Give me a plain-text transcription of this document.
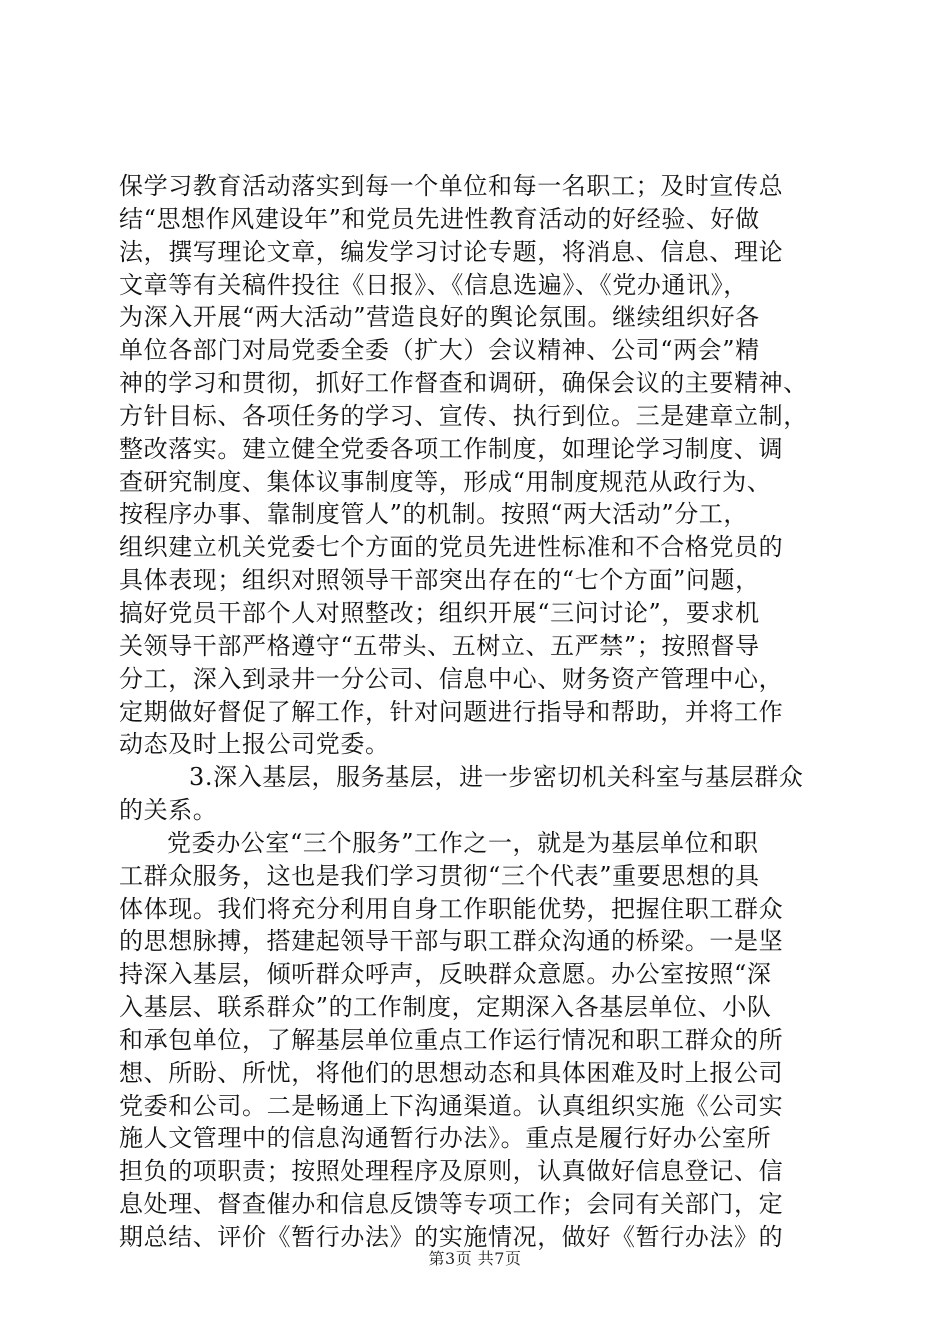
保学习教育活动落实到每一个单位和每一名职工；及时宣传总
结“思想作风建设年”和党员先进性教育活动的好经验、好做
法，撰写理论文章，编发学习讨论专题，将消息、信息、理论
文章等有关稿件投往《日报》、《信息选遍》、《党办通讯》，
为深入开展“两大活动”营造良好的舆论氛围。继续组织好各
单位各部门对局党委全委（扩大）会议精神、公司“两会”精
神的学习和贯彻，抓好工作督查和调研，确保会议的主要精神、
方针目标、各项任务的学习、宣传、执行到位。三是建章立制，
整改落实。建立健全党委各项工作制度，如理论学习制度、调
查研究制度、集体议事制度等，形成“用制度规范从政行为、
按程序办事、靠制度管人”的机制。按照“两大活动”分工，
组织建立机关党委七个方面的党员先进性标准和不合格党员的
具体表现；组织对照领导干部突出存在的“七个方面”问题，
搞好党员干部个人对照整改；组织开展“三问讨论”，要求机
关领导干部严格遵守“五带头、五树立、五严禁”；按照督导
分工，深入到录井一分公司、信息中心、财务资产管理中心，
定期做好督促了解工作，针对问题进行指导和帮助，并将工作
动态及时上报公司党委。
3.深入基层，服务基层，进一步密切机关科室与基层群众
的关系。
党委办公室“三个服务”工作之一，就是为基层单位和职
工群众服务，这也是我们学习贯彻“三个代表”重要思想的具
体体现。我们将充分利用自身工作职能优势，把握住职工群众
的思想脉搏，搭建起领导干部与职工群众沟通的桥梁。一是坚
持深入基层，倾听群众呼声，反映群众意愿。办公室按照“深
入基层、联系群众”的工作制度，定期深入各基层单位、小队
和承包单位，了解基层单位重点工作运行情况和职工群众的所
想、所盼、所忧，将他们的思想动态和具体困难及时上报公司
党委和公司。二是畅通上下沟通渠道。认真组织实施《公司实
施人文管理中的信息沟通暂行办法》。重点是履行好办公室所
担负的项职责；按照处理程序及原则，认真做好信息登记、信
息处理、督查催办和信息反馈等专项工作；会同有关部门，定
期总结、评价《暂行办法》的实施情况，做好《暂行办法》的
第3页 共7页
